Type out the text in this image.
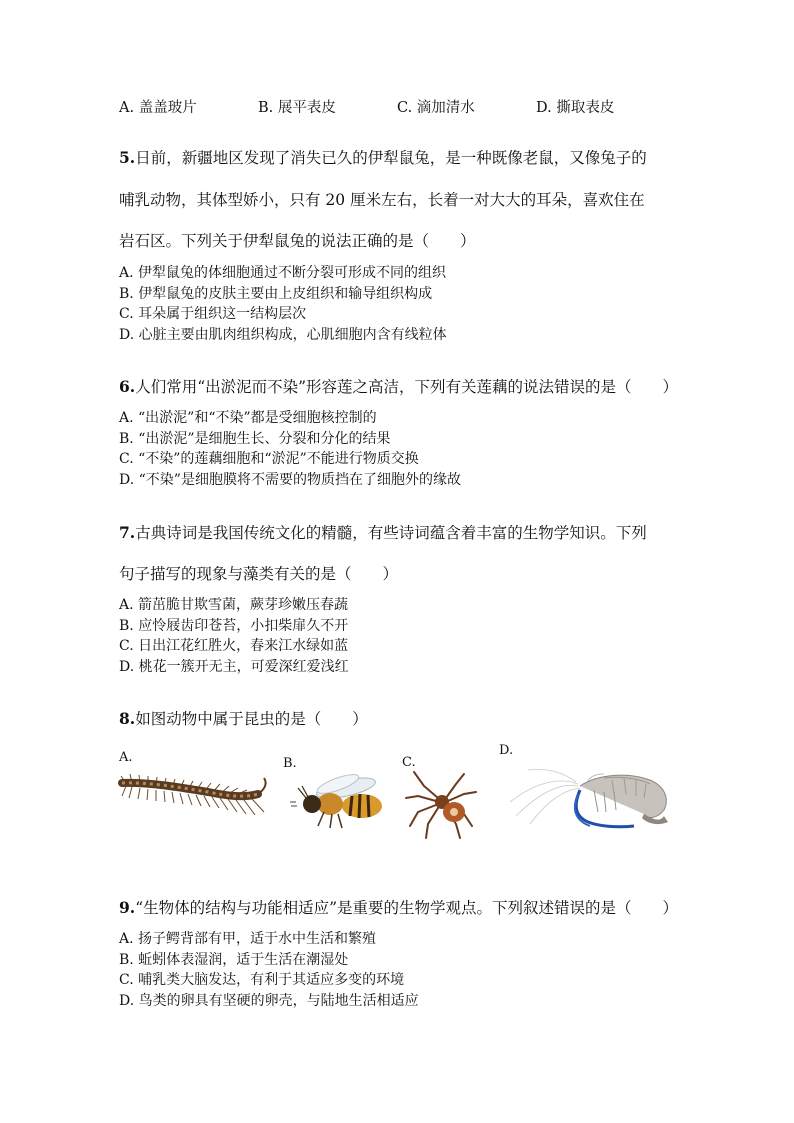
A. 盖盖玻片	B. 展平表皮	C. 滴加清水	D. 撕取表皮
5.日前，新疆地区发现了消失已久的伊犁鼠兔，是一种既像老鼠，又像兔子的
哺乳动物，其体型娇小，只有 20 厘米左右，长着一对大大的耳朵，喜欢住在
岩石区。下列关于伊犁鼠兔的说法正确的是（　　）
A. 伊犁鼠兔的体细胞通过不断分裂可形成不同的组织
B. 伊犁鼠兔的皮肤主要由上皮组织和输导组织构成
C. 耳朵属于组织这一结构层次
D. 心脏主要由肌肉组织构成，心肌细胞内含有线粒体
6.人们常用“出淤泥而不染”形容莲之高洁，下列有关莲藕的说法错误的是（　　）
A. “出淤泥”和“不染”都是受细胞核控制的
B. “出淤泥”是细胞生长、分裂和分化的结果
C. “不染”的莲藕细胞和“淤泥”不能进行物质交换
D. “不染”是细胞膜将不需要的物质挡在了细胞外的缘故
7.古典诗词是我国传统文化的精髓，有些诗词蕴含着丰富的生物学知识。下列
句子描写的现象与藻类有关的是（　　）
A. 箭茁脆甘欺雪菌，蕨芽珍嫩压春蔬
B. 应怜屐齿印苍苔，小扣柴扉久不开
C. 日出江花红胜火，春来江水绿如蓝
D. 桃花一簇开无主，可爱深红爱浅红
8.如图动物中属于昆虫的是（　　）
A.	B.	C.
D.
9.“生物体的结构与功能相适应”是重要的生物学观点。下列叙述错误的是（　　）
A. 扬子鳄背部有甲，适于水中生活和繁殖
B. 蚯蚓体表湿润，适于生活在潮湿处
C. 哺乳类大脑发达，有利于其适应多变的环境
D. 鸟类的卵具有坚硬的卵壳，与陆地生活相适应
